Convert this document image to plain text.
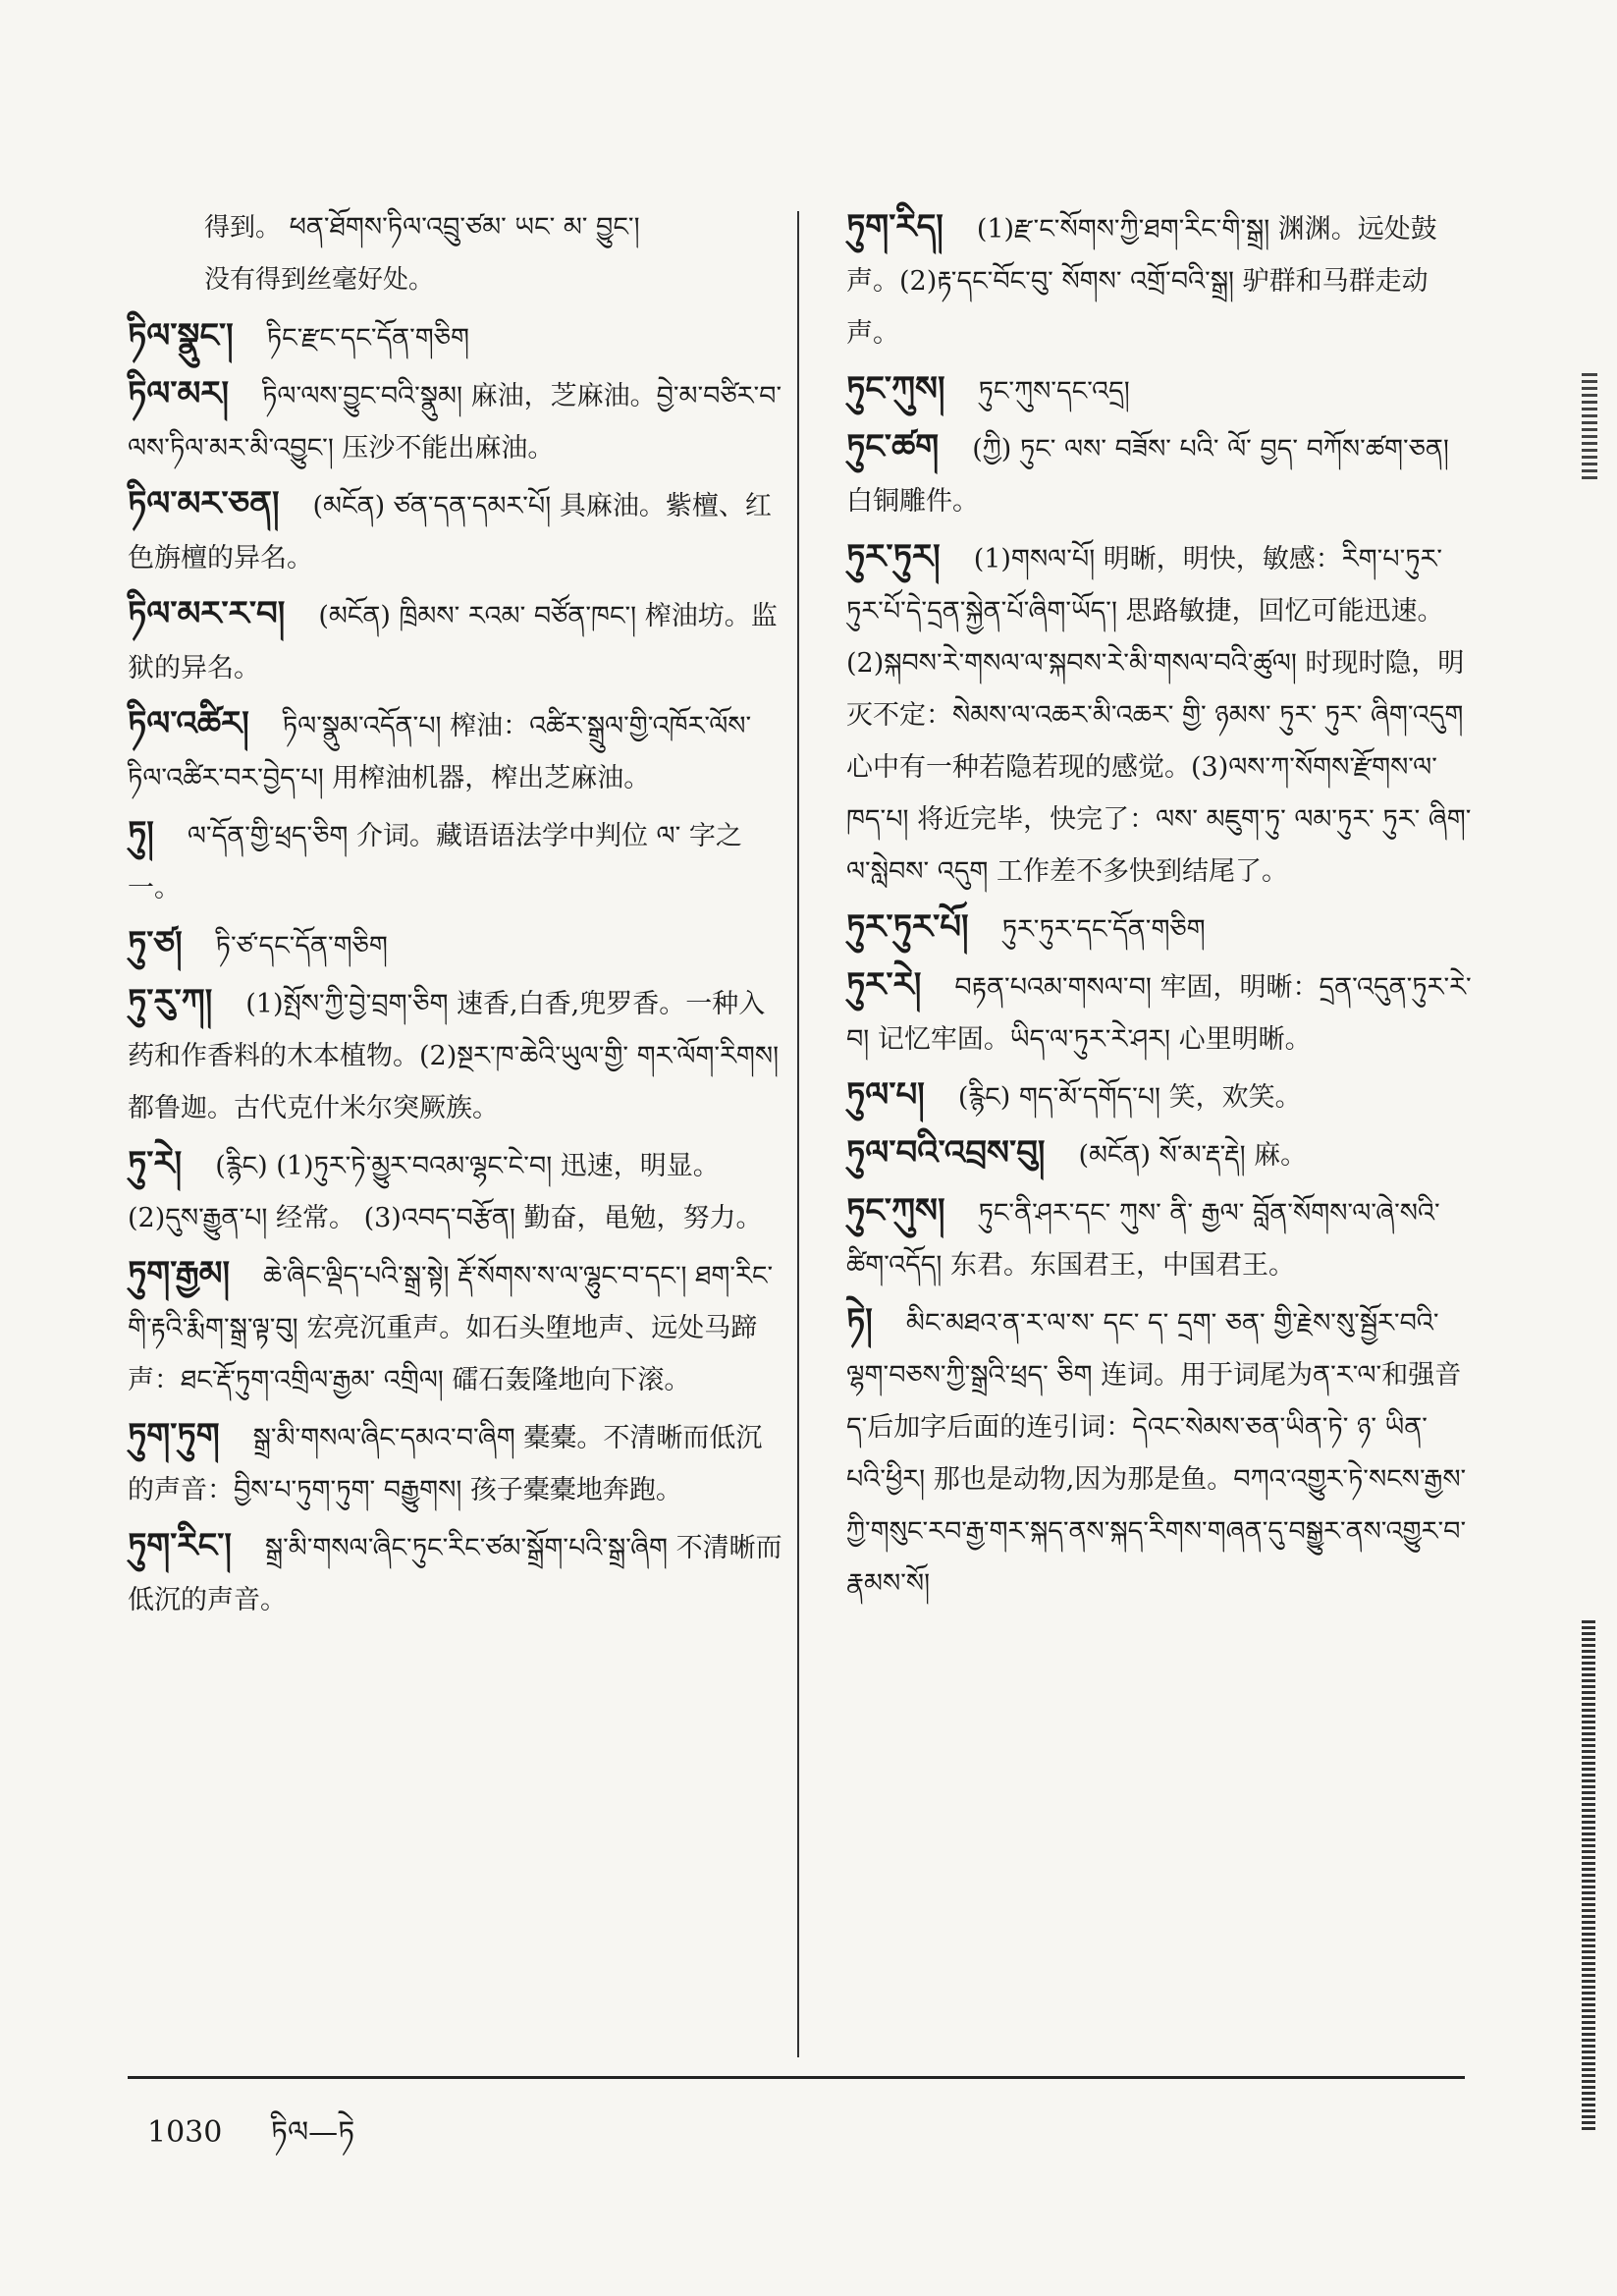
得到。 ཕན་ཐོགས་ཏིལ་འབྲུ་ཙམ་ ཡང་ མ་ བྱུང་།
没有得到丝毫好处。
ཏིལ་སྣུང་། ཏིང་རྫང་དང་དོན་གཅིག
ཏིལ་མར། ཏིལ་ལས་བྱུང་བའི་སྣུམ། 麻油，芝麻油。བྱེ་མ་བཙིར་བ་ལས་ཏིལ་མར་མི་འབྱུང་། 压沙不能出麻油。
ཏིལ་མར་ཅན། (མངོན) ཙན་དན་དམར་པོ། 具麻油。紫檀、红色旃檀的异名。
ཏིལ་མར་ར་བ། (མངོན) ཁྲིམས་ རའམ་ བཙོན་ཁང་། 榨油坊。监狱的异名。
ཏིལ་འཚིར། ཏིལ་སྣུམ་འདོན་པ། 榨油：འཚིར་སྒྲུལ་གྱི་འཁོར་ལོས་ཏིལ་འཚིར་བར་བྱེད་པ། 用榨油机器，榨出芝麻油。
ཏུ། ལ་དོན་གྱི་ཕྲད་ཅིག 介词。藏语语法学中判位 ལ་ 字之一。
ཏུ་ཙ། ཏི་ཙ་དང་དོན་གཅིག
ཏུ་རུ་ཀ། (1)སྤོས་ཀྱི་བྱེ་བྲག་ཅིག 速香,白香,兜罗香。一种入药和作香料的木本植物。(2)སྔར་ཁ་ཆེའི་ཡུལ་གྱི་ གར་ལོག་རིགས། 都鲁迦。古代克什米尔突厥族。
ཏུ་རེ། (རྙིང) (1)ཏུར་ཏེ་མྱུར་བའམ་ལྷང་ངེ་བ། 迅速，明显。(2)དུས་རྒྱུན་པ། 经常。 (3)འབད་བརྩོན། 勤奋，黾勉，努力。
ཏུག་རྒྱམ། ཆེ་ཞིང་ལྡིད་པའི་སྒྲ་སྟེ། རྡོ་སོགས་ས་ལ་ལྷུང་བ་དང་། ཐག་རིང་གི་རྟའི་རྨིག་སྒྲ་ལྟ་བུ། 宏亮沉重声。如石头堕地声、远处马蹄声：ཐང་རྡོ་ཏུག་འགྲིལ་རྒྱམ་ འགྲིལ། 礌石轰隆地向下滚。
ཏུག་ཏུག སྒྲ་མི་གསལ་ཞིང་དམའ་བ་ཞིག 橐橐。不清晰而低沉的声音：བྱིས་པ་ཏུག་ཏུག་ བརྒྱུགས། 孩子橐橐地奔跑。
ཏུག་རིང་། སྒྲ་མི་གསལ་ཞིང་ཏུང་རིང་ཙམ་སྒྲོག་པའི་སྒྲ་ཞིག 不清晰而低沉的声音。
ཏུག་རིད། (1)རྫ་ང་སོགས་ཀྱི་ཐག་རིང་གི་སྒྲ། 渊渊。远处鼓声。(2)རྟ་དང་བོང་བུ་ སོགས་ འགྲོ་བའི་སྒྲ། 驴群和马群走动声。
ཏུང་ཀུས། ཏུང་ཀུས་དང་འདྲ།
ཏུང་ཚག (ཀྱི) ཏུང་ ལས་ བཟོས་ པའི་ ལོ་ བྱད་ བཀོས་ཚག་ཅན། 白铜雕件。
ཏུར་ཏུར། (1)གསལ་པོ། 明晰，明快，敏感：རིག་པ་ཏུར་ཏུར་པོ་དེ་དྲན་སྐྱེན་པོ་ཞིག་ཡོད་། 思路敏捷，回忆可能迅速。(2)སྐབས་རེ་གསལ་ལ་སྐབས་རེ་མི་གསལ་བའི་ཚུལ། 时现时隐，明灭不定：སེམས་ལ་འཆར་མི་འཆར་ གྱི་ ཉམས་ ཏུར་ ཏུར་ ཞིག་འདུག 心中有一种若隐若现的感觉。(3)ལས་ཀ་སོགས་རྫོགས་ལ་ཁད་པ། 将近完毕，快完了：ལས་ མཇུག་ཏུ་ ལམ་ཏུར་ ཏུར་ ཞིག་ལ་སླེབས་ འདུག 工作差不多快到结尾了。
ཏུར་ཏུར་པོ། ཏུར་ཏུར་དང་དོན་གཅིག
ཏུར་རེ། བརྟན་པའམ་གསལ་བ། 牢固，明晰：དྲན་འདུན་ཏུར་རེ་བ། 记忆牢固。ཡིད་ལ་ཏུར་རེ་ཤར། 心里明晰。
ཏུལ་པ། (རྙིང) གད་མོ་དགོད་པ། 笑，欢笑。
ཏུལ་བའི་འབྲས་བུ། (མངོན) སོ་མ་རྡ་རྡེ། 麻。
ཏུང་ཀུས། ཏུང་ནི་ཤར་དང་ ཀུས་ ནི་ རྒྱལ་ བློན་སོགས་ལ་ཞེ་སའི་ཚིག་འདོད། 东君。东国君王，中国君王。
ཏེ། མིང་མཐའ་ན་ར་ལ་ས་ དང་ ད་ དྲག་ ཅན་ གྱི་རྗེས་སུ་སྦྱོར་བའི་ལྷག་བཅས་ཀྱི་སྒྲའི་ཕྲད་ ཅིག 连词。用于词尾为ན་ར་ལ་和强音ད་后加字后面的连引词：དེའང་སེམས་ཅན་ཡིན་ཏེ་ ཉ་ ཡིན་ པའི་ཕྱིར། 那也是动物,因为那是鱼。བཀའ་འགྱུར་ཏེ་སངས་རྒྱས་ཀྱི་གསུང་རབ་རྒྱ་གར་སྐད་ནས་སྐད་རིགས་གཞན་དུ་བསྒྱུར་ནས་འགྱུར་བ་རྣམས་སོ།
1030 ཏིལ—ཏེ
